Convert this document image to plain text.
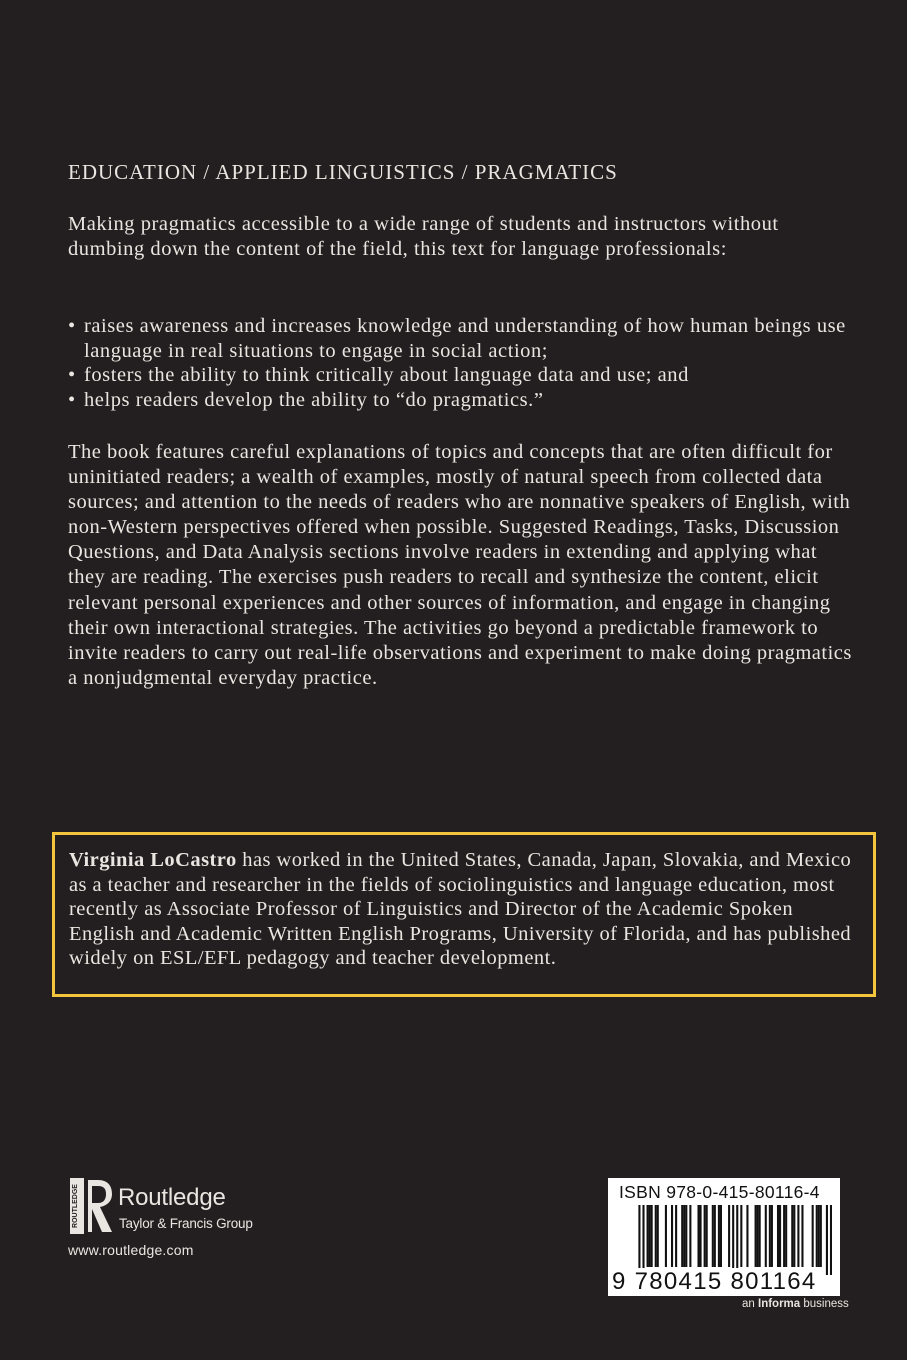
EDUCATION / APPLIED LINGUISTICS / PRAGMATICS

Making pragmatics accessible to a wide range of students and instructors without dumbing down the content of the field, this text for language professionals:

• raises awareness and increases knowledge and understanding of how human beings use language in real situations to engage in social action;
• fosters the ability to think critically about language data and use; and
• helps readers develop the ability to “do pragmatics.”

The book features careful explanations of topics and concepts that are often difficult for uninitiated readers; a wealth of examples, mostly of natural speech from collected data sources; and attention to the needs of readers who are nonnative speakers of English, with non-Western perspectives offered when possible. Suggested Readings, Tasks, Discussion Questions, and Data Analysis sections involve readers in extending and applying what they are reading. The exercises push readers to recall and synthesize the content, elicit relevant personal experiences and other sources of information, and engage in changing their own interactional strategies. The activities go beyond a predictable framework to invite readers to carry out real-life observations and experiment to make doing pragmatics a nonjudgmental everyday practice.

Virginia LoCastro has worked in the United States, Canada, Japan, Slovakia, and Mexico as a teacher and researcher in the fields of sociolinguistics and language education, most recently as Associate Professor of Linguistics and Director of the Academic Spoken English and Academic Written English Programs, University of Florida, and has published widely on ESL/EFL pedagogy and teacher development.

ROUTLEDGE Routledge
Taylor & Francis Group
www.routledge.com
ISBN 978-0-415-80116-4
9 780415 801164
an Informa business
